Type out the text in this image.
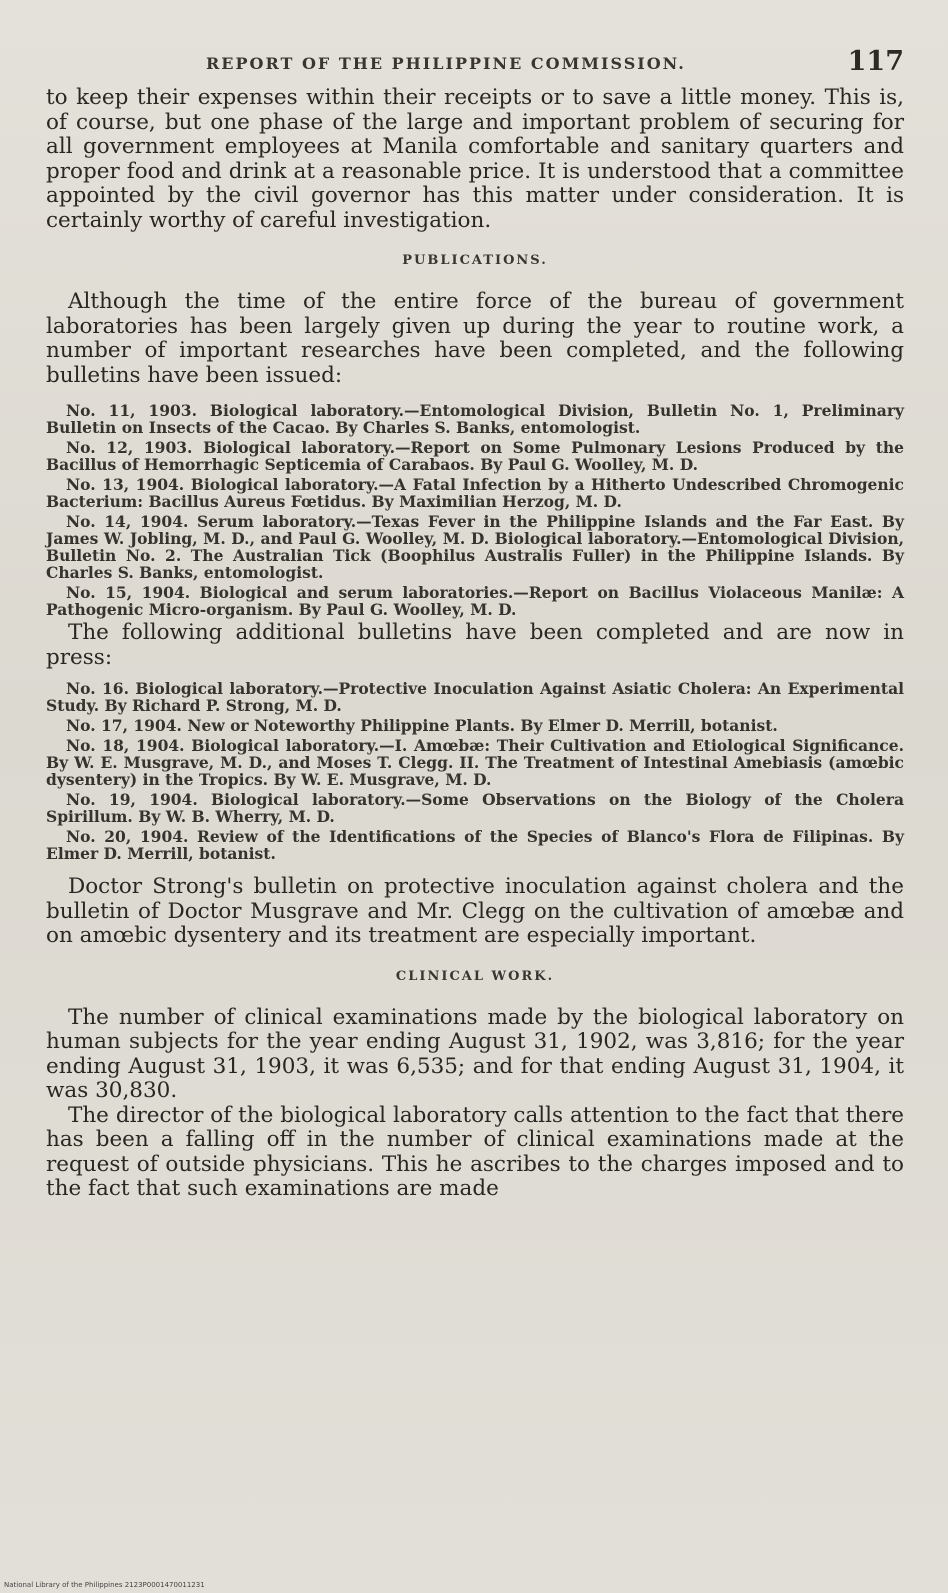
REPORT OF THE PHILIPPINE COMMISSION.	117

to keep their expenses within their receipts or to save a little money. This is, of course, but one phase of the large and important problem of securing for all government employees at Manila comfortable and sanitary quarters and proper food and drink at a reasonable price. It is understood that a committee appointed by the civil governor has this matter under consideration. It is certainly worthy of careful investigation.

PUBLICATIONS.

Although the time of the entire force of the bureau of government laboratories has been largely given up during the year to routine work, a number of important researches have been completed, and the following bulletins have been issued:

No. 11, 1903. Biological laboratory.—Entomological Division, Bulletin No. 1, Preliminary Bulletin on Insects of the Cacao. By Charles S. Banks, entomologist.

No. 12, 1903. Biological laboratory.—Report on Some Pulmonary Lesions Produced by the Bacillus of Hemorrhagic Septicemia of Carabaos. By Paul G. Woolley, M. D.

No. 13, 1904. Biological laboratory.—A Fatal Infection by a Hitherto Undescribed Chromogenic Bacterium: Bacillus Aureus Fœtidus. By Maximilian Herzog, M. D.

No. 14, 1904. Serum laboratory.—Texas Fever in the Philippine Islands and the Far East. By James W. Jobling, M. D., and Paul G. Woolley, M. D. Biological laboratory.—Entomological Division, Bulletin No. 2. The Australian Tick (Boophilus Australis Fuller) in the Philippine Islands. By Charles S. Banks, entomologist.

No. 15, 1904. Biological and serum laboratories.—Report on Bacillus Violaceous Manilæ: A Pathogenic Micro-organism. By Paul G. Woolley, M. D.

The following additional bulletins have been completed and are now in press:

No. 16. Biological laboratory.—Protective Inoculation Against Asiatic Cholera: An Experimental Study. By Richard P. Strong, M. D.

No. 17, 1904. New or Noteworthy Philippine Plants. By Elmer D. Merrill, botanist.

No. 18, 1904. Biological laboratory.—I. Amœbæ: Their Cultivation and Etiological Significance. By W. E. Musgrave, M. D., and Moses T. Clegg. II. The Treatment of Intestinal Amebiasis (amœbic dysentery) in the Tropics. By W. E. Musgrave, M. D.

No. 19, 1904. Biological laboratory.—Some Observations on the Biology of the Cholera Spirillum. By W. B. Wherry, M. D.

No. 20, 1904. Review of the Identifications of the Species of Blanco's Flora de Filipinas. By Elmer D. Merrill, botanist.

Doctor Strong's bulletin on protective inoculation against cholera and the bulletin of Doctor Musgrave and Mr. Clegg on the cultivation of amœbæ and on amœbic dysentery and its treatment are especially important.

CLINICAL WORK.

The number of clinical examinations made by the biological laboratory on human subjects for the year ending August 31, 1902, was 3,816; for the year ending August 31, 1903, it was 6,535; and for that ending August 31, 1904, it was 30,830.

The director of the biological laboratory calls attention to the fact that there has been a falling off in the number of clinical examinations made at the request of outside physicians. This he ascribes to the charges imposed and to the fact that such examinations are made

National Library of the Philippines 2123P0001470011231
